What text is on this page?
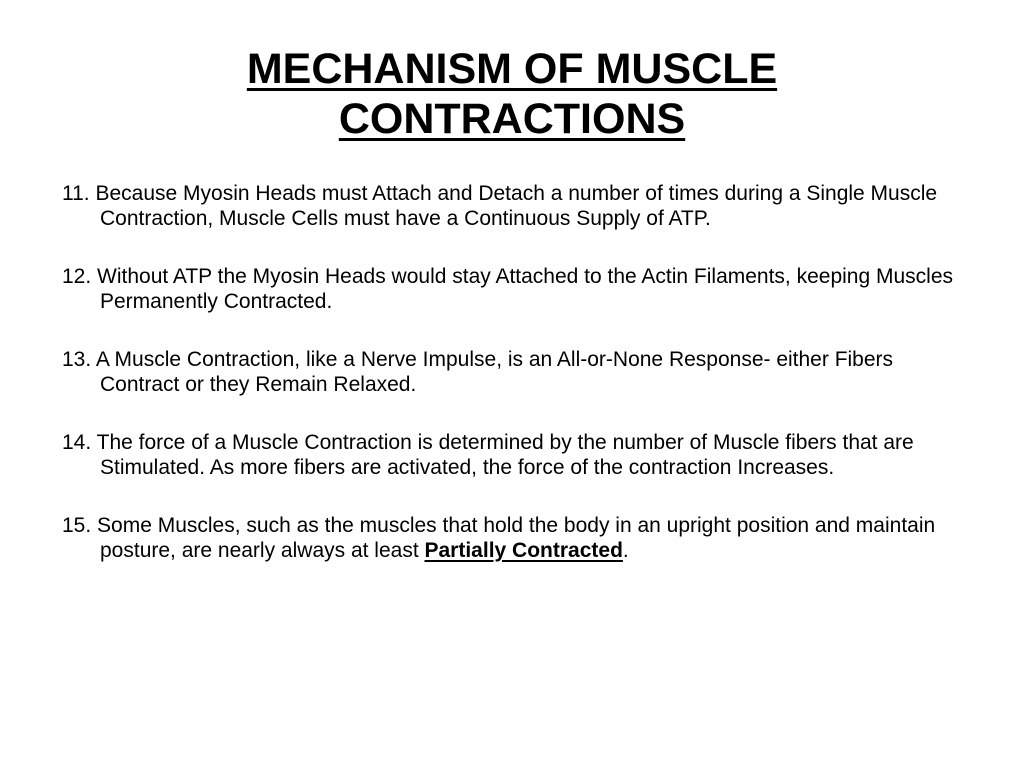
MECHANISM OF MUSCLE
CONTRACTIONS
11. Because Myosin Heads must Attach and Detach a number of times during a Single Muscle Contraction, Muscle Cells must have a Continuous Supply of ATP.
12. Without ATP the Myosin Heads would stay Attached to the Actin Filaments, keeping Muscles Permanently Contracted.
13. A Muscle Contraction, like a Nerve Impulse, is an All-or-None Response- either Fibers Contract or they Remain Relaxed.
14. The force of a Muscle Contraction is determined by the number of Muscle fibers that are Stimulated. As more fibers are activated, the force of the contraction Increases.
15. Some Muscles, such as the muscles that hold the body in an upright position and maintain posture, are nearly always at least Partially Contracted.
